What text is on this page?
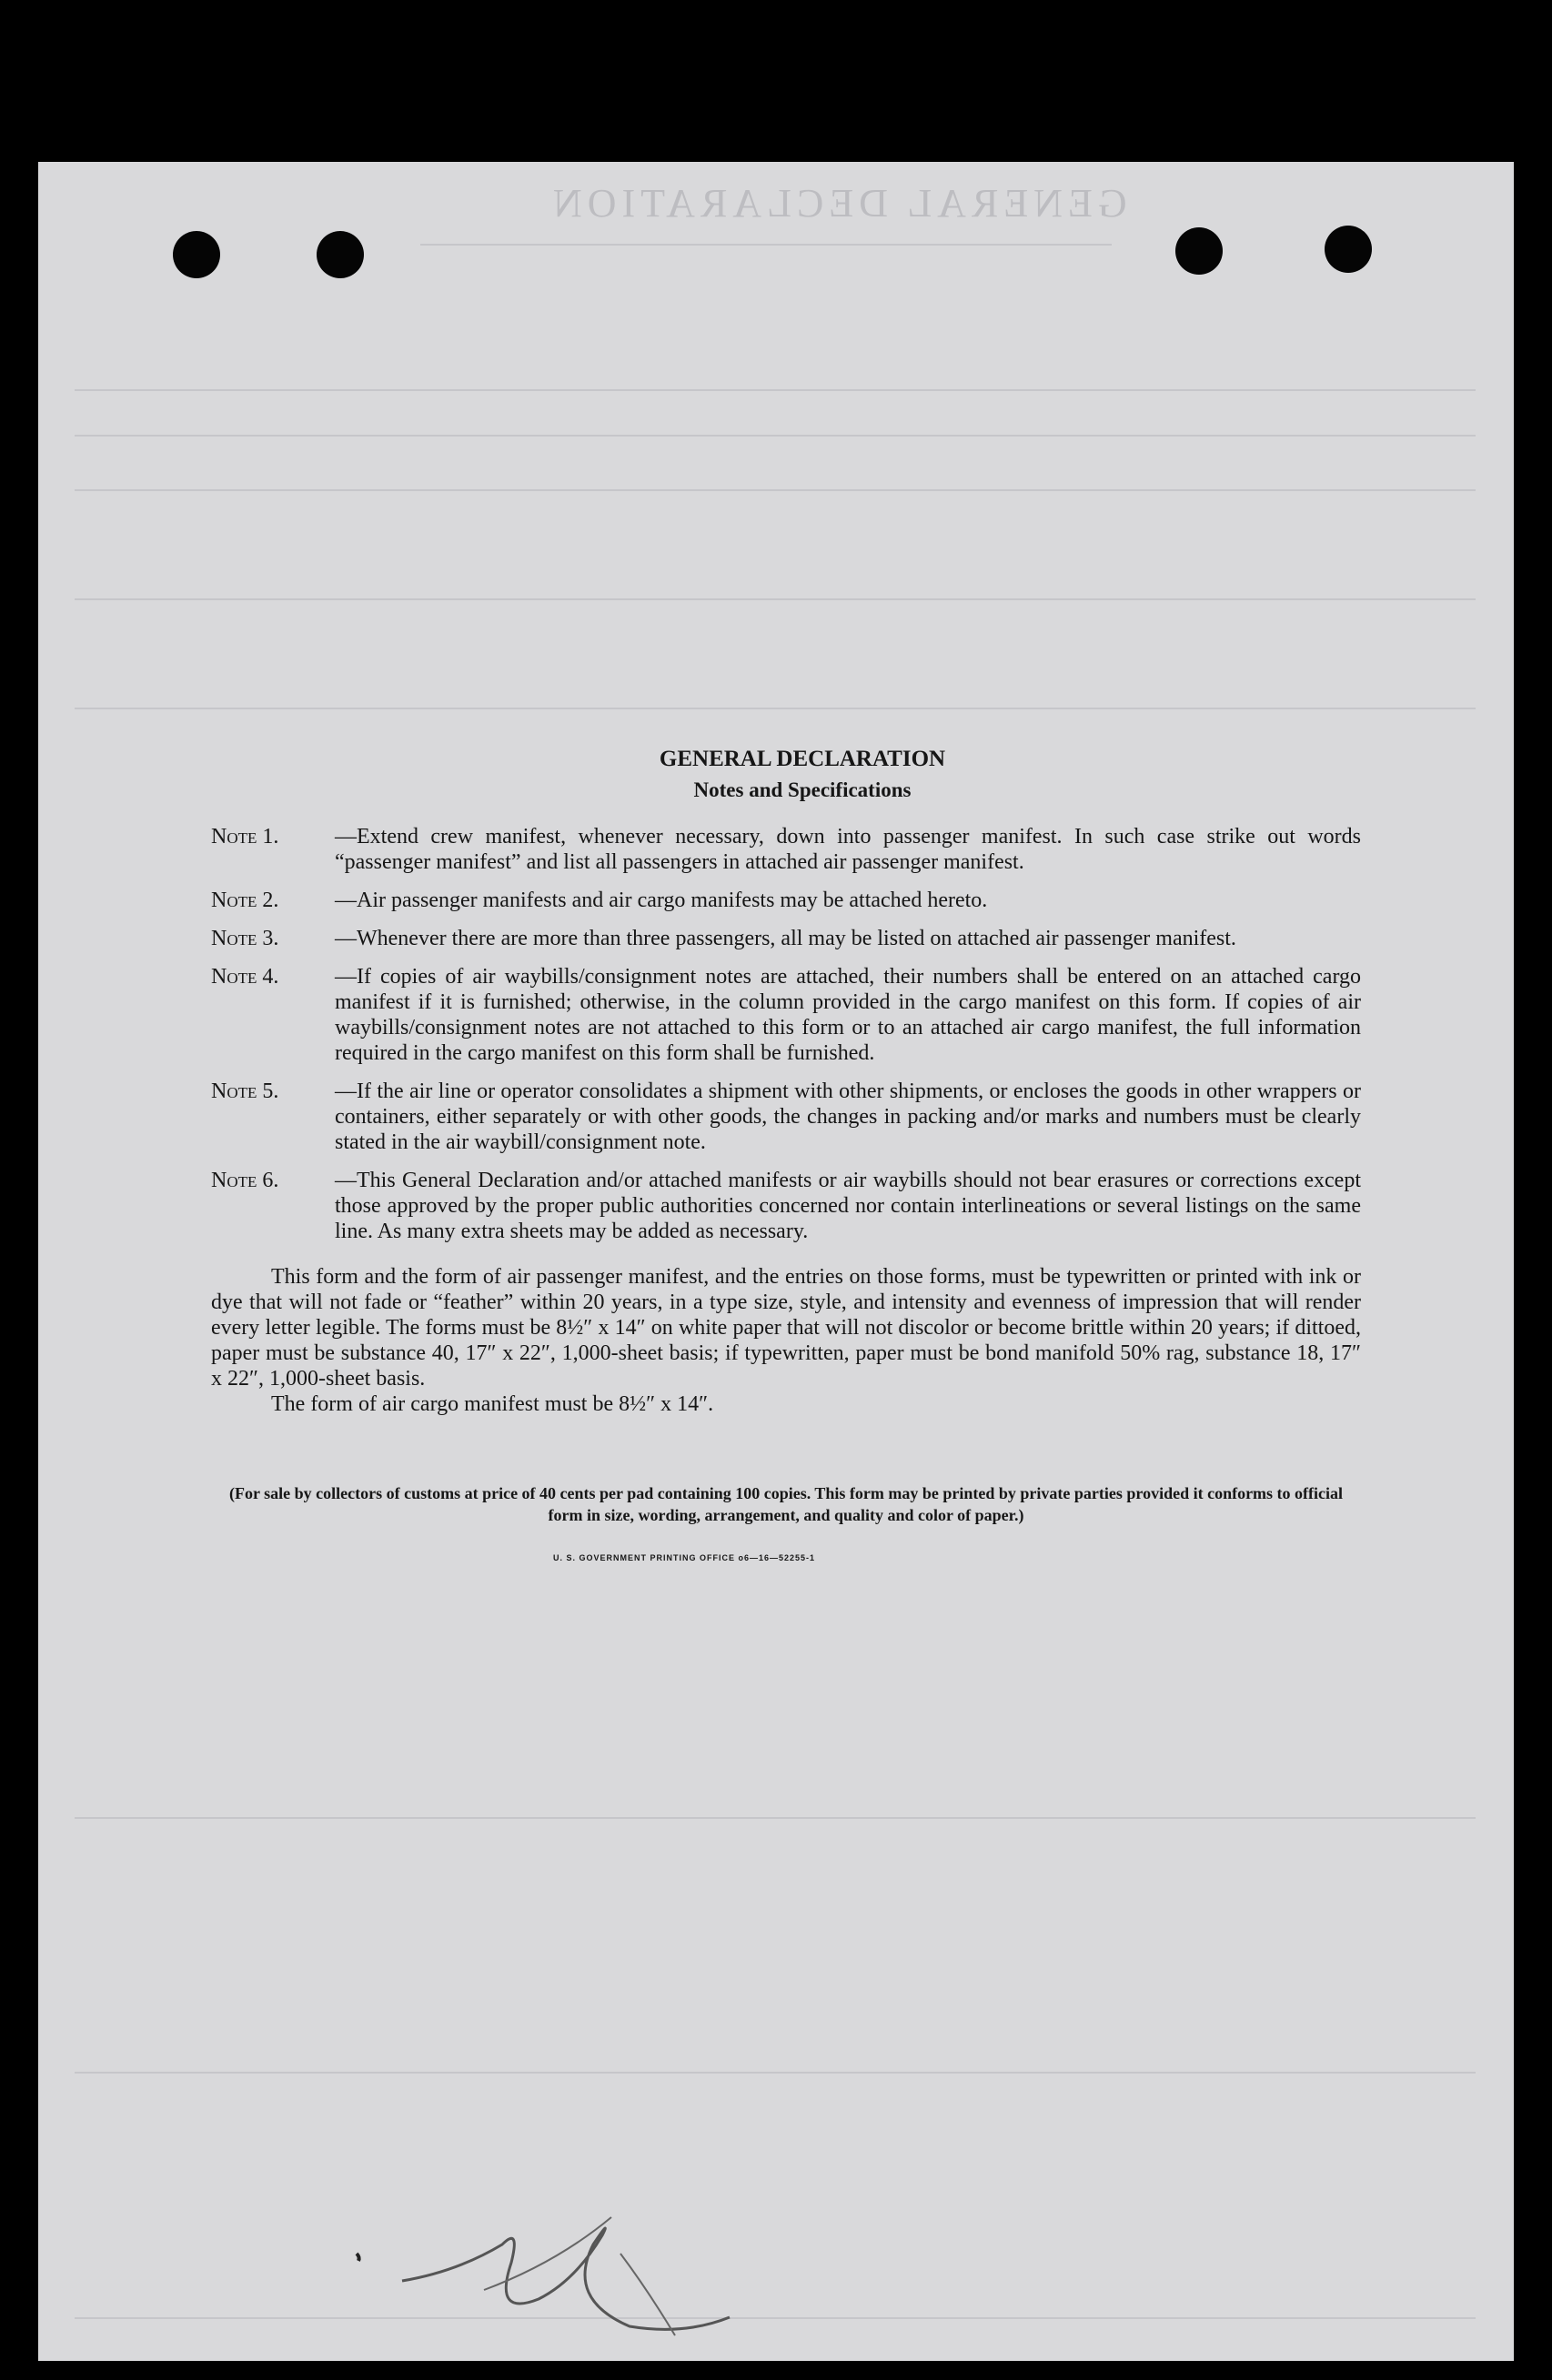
GENERAL DECLARATION
GENERAL DECLARATION
Notes and Specifications
Note 1.	—Extend crew manifest, whenever necessary, down into passenger manifest. In such case strike out words “passenger manifest” and list all passengers in attached air passenger manifest.
Note 2.	—Air passenger manifests and air cargo manifests may be attached hereto.
Note 3.	—Whenever there are more than three passengers, all may be listed on attached air passenger manifest.
Note 4.	—If copies of air waybills/consignment notes are attached, their numbers shall be entered on an attached cargo manifest if it is furnished; otherwise, in the column provided in the cargo manifest on this form. If copies of air waybills/consignment notes are not attached to this form or to an attached air cargo manifest, the full information required in the cargo manifest on this form shall be furnished.
Note 5.	—If the air line or operator consolidates a shipment with other shipments, or encloses the goods in other wrappers or containers, either separately or with other goods, the changes in packing and/or marks and numbers must be clearly stated in the air waybill/consignment note.
Note 6.	—This General Declaration and/or attached manifests or air waybills should not bear erasures or corrections except those approved by the proper public authorities concerned nor contain interlineations or several listings on the same line. As many extra sheets may be added as necessary.
This form and the form of air passenger manifest, and the entries on those forms, must be typewritten or printed with ink or dye that will not fade or “feather” within 20 years, in a type size, style, and intensity and evenness of impression that will render every letter legible. The forms must be 8½″ x 14″ on white paper that will not discolor or become brittle within 20 years; if dittoed, paper must be substance 40, 17″ x 22″, 1,000-sheet basis; if typewritten, paper must be bond manifold 50% rag, substance 18, 17″ x 22″, 1,000-sheet basis.
The form of air cargo manifest must be 8½″ x 14″.
(For sale by collectors of customs at price of 40 cents per pad containing 100 copies. This form may be printed by private parties provided it conforms to official form in size, wording, arrangement, and quality and color of paper.)
U. S. GOVERNMENT PRINTING OFFICE o6—16—52255-1
